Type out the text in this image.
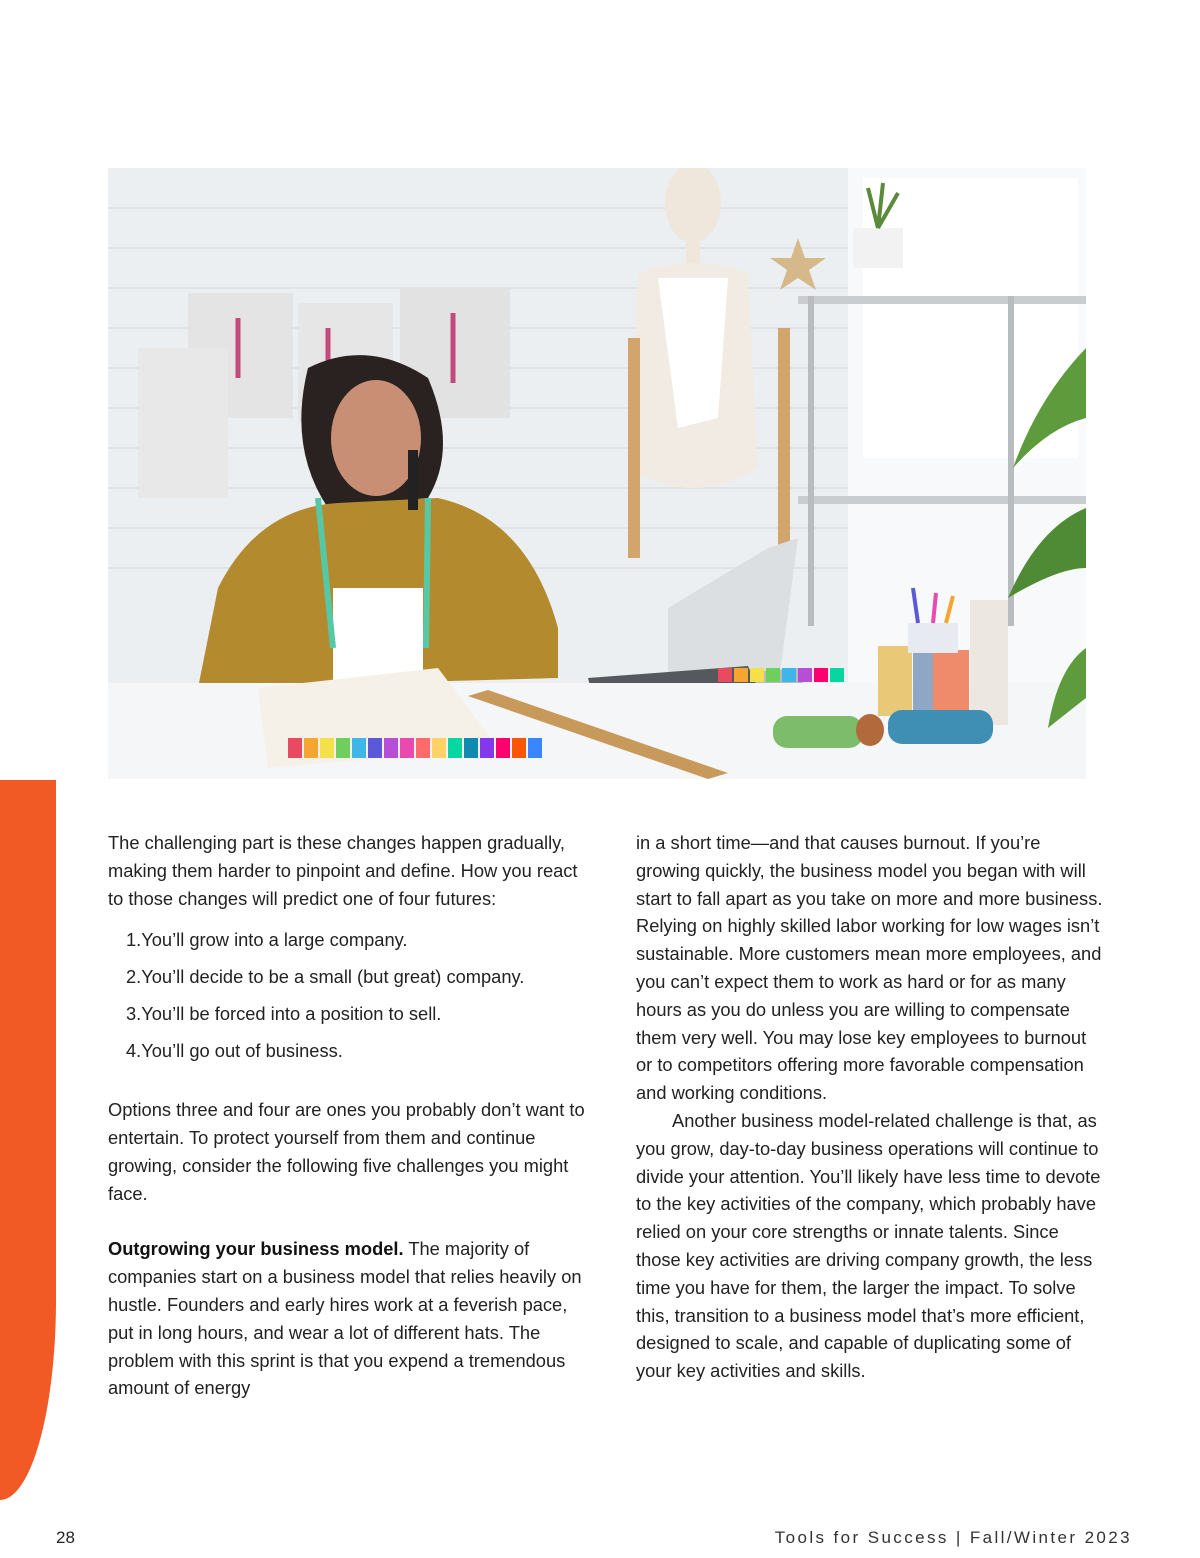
The challenging part is these changes happen gradually, making them harder to pinpoint and define. How you react to those changes will predict one of four futures:

1.You’ll grow into a large company.
2.You’ll decide to be a small (but great) company.
3.You’ll be forced into a position to sell.
4.You’ll go out of business.

Options three and four are ones you probably don’t want to entertain. To protect yourself from them and continue growing, consider the following five challenges you might face.

Outgrowing your business model. The majority of companies start on a business model that relies heavily on hustle. Founders and early hires work at a feverish pace, put in long hours, and wear a lot of different hats. The problem with this sprint is that you expend a tremendous amount of energy

in a short time—and that causes burnout. If you’re growing quickly, the business model you began with will start to fall apart as you take on more and more business. Relying on highly skilled labor working for low wages isn’t sustainable. More customers mean more employees, and you can’t expect them to work as hard or for as many hours as you do unless you are willing to compensate them very well. You may lose key employees to burnout or to competitors offering more favorable compensation and working conditions.

Another business model-related challenge is that, as you grow, day-to-day business operations will continue to divide your attention. You’ll likely have less time to devote to the key activities of the company, which probably have relied on your core strengths or innate talents. Since those key activities are driving company growth, the less time you have for them, the larger the impact. To solve this, transition to a business model that’s more efficient, designed to scale, and capable of duplicating some of your key activities and skills.

28	Tools for Success | Fall/Winter 2023
